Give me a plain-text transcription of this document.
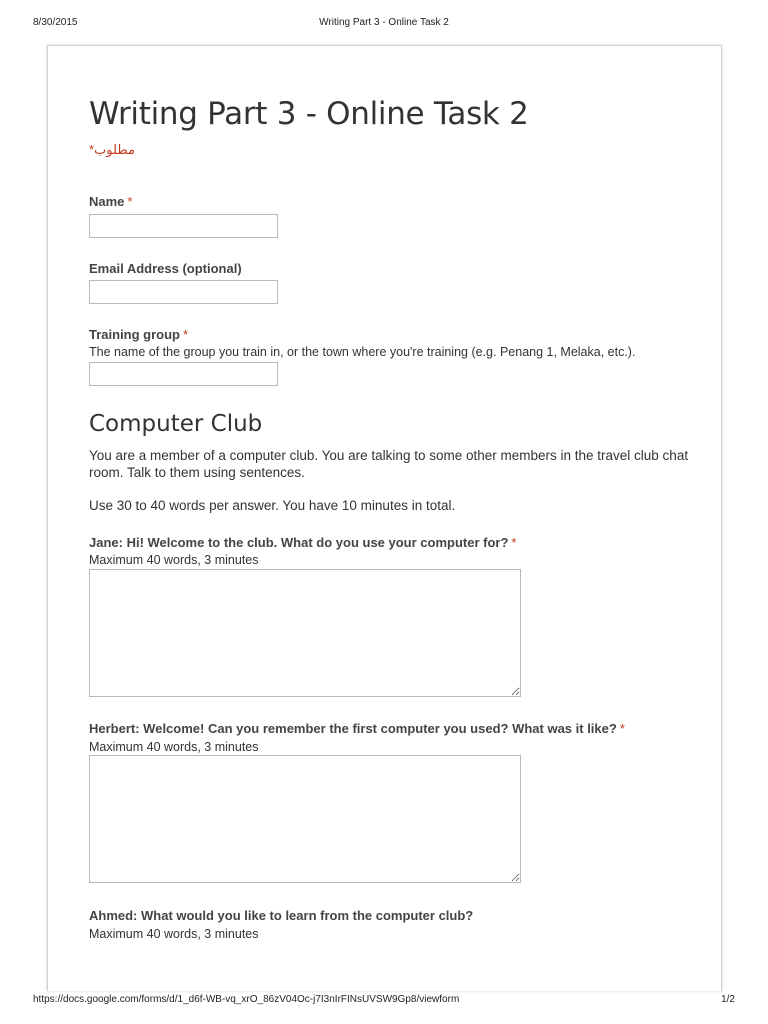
8/30/2015	Writing Part 3 - Online Task 2
Writing Part 3 - Online Task 2
*مطلوب
Name *
Email Address (optional)
Training group *
The name of the group you train in, or the town where you're training (e.g. Penang 1, Melaka, etc.).
Computer Club
You are a member of a computer club. You are talking to some other members in the travel club chat room. Talk to them using sentences.
Use 30 to 40 words per answer. You have 10 minutes in total.
Jane: Hi! Welcome to the club. What do you use your computer for? *
Maximum 40 words, 3 minutes
Herbert: Welcome! Can you remember the first computer you used? What was it like? *
Maximum 40 words, 3 minutes
Ahmed: What would you like to learn from the computer club?
Maximum 40 words, 3 minutes
https://docs.google.com/forms/d/1_d6f-WB-vq_xrO_86zV04Oc-j7I3nIrFINsUVSW9Gp8/viewform	1/2
